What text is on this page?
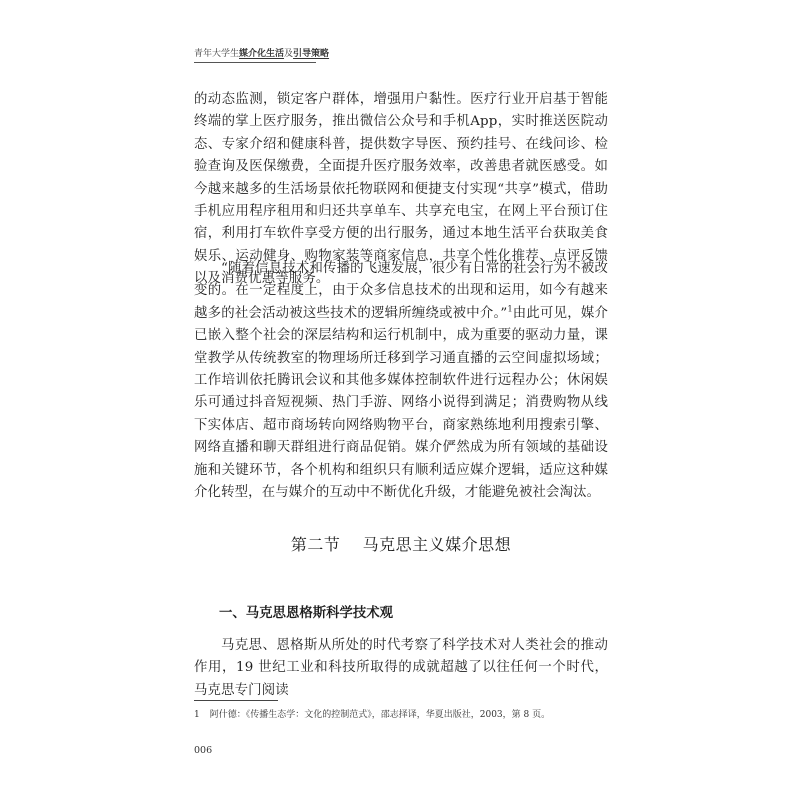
青年大学生媒介化生活及引导策略

的动态监测，锁定客户群体，增强用户黏性。医疗行业开启基于智能终端的掌上医疗服务，推出微信公众号和手机App，实时推送医院动态、专家介绍和健康科普，提供数字导医、预约挂号、在线问诊、检验查询及医保缴费，全面提升医疗服务效率，改善患者就医感受。如今越来越多的生活场景依托物联网和便捷支付实现“共享”模式，借助手机应用程序租用和归还共享单车、共享充电宝，在网上平台预订住宿，利用打车软件享受方便的出行服务，通过本地生活平台获取美食娱乐、运动健身、购物家装等商家信息，共享个性化推荐、点评反馈以及消费优惠等服务。

“随着信息技术和传播的飞速发展，很少有日常的社会行为不被改变的。在一定程度上，由于众多信息技术的出现和运用，如今有越来越多的社会活动被这些技术的逻辑所缠绕或被中介。”$^1$由此可见，媒介已嵌入整个社会的深层结构和运行机制中，成为重要的驱动力量，课堂教学从传统教室的物理场所迁移到学习通直播的云空间虚拟场域；工作培训依托腾讯会议和其他多媒体控制软件进行远程办公；休闲娱乐可通过抖音短视频、热门手游、网络小说得到满足；消费购物从线下实体店、超市商场转向网络购物平台，商家熟练地利用搜索引擎、网络直播和聊天群组进行商品促销。媒介俨然成为所有领域的基础设施和关键环节，各个机构和组织只有顺利适应媒介逻辑，适应这种媒介化转型，在与媒介的互动中不断优化升级，才能避免被社会淘汰。

第二节    马克思主义媒介思想
一、马克思恩格斯科学技术观

马克思、恩格斯从所处的时代考察了科学技术对人类社会的推动作用，19 世纪工业和科技所取得的成就超越了以往任何一个时代，马克思专门阅读

1 阿什德：《传播生态学：文化的控制范式》，邵志择译，华夏出版社，2003，第 8 页。
006
